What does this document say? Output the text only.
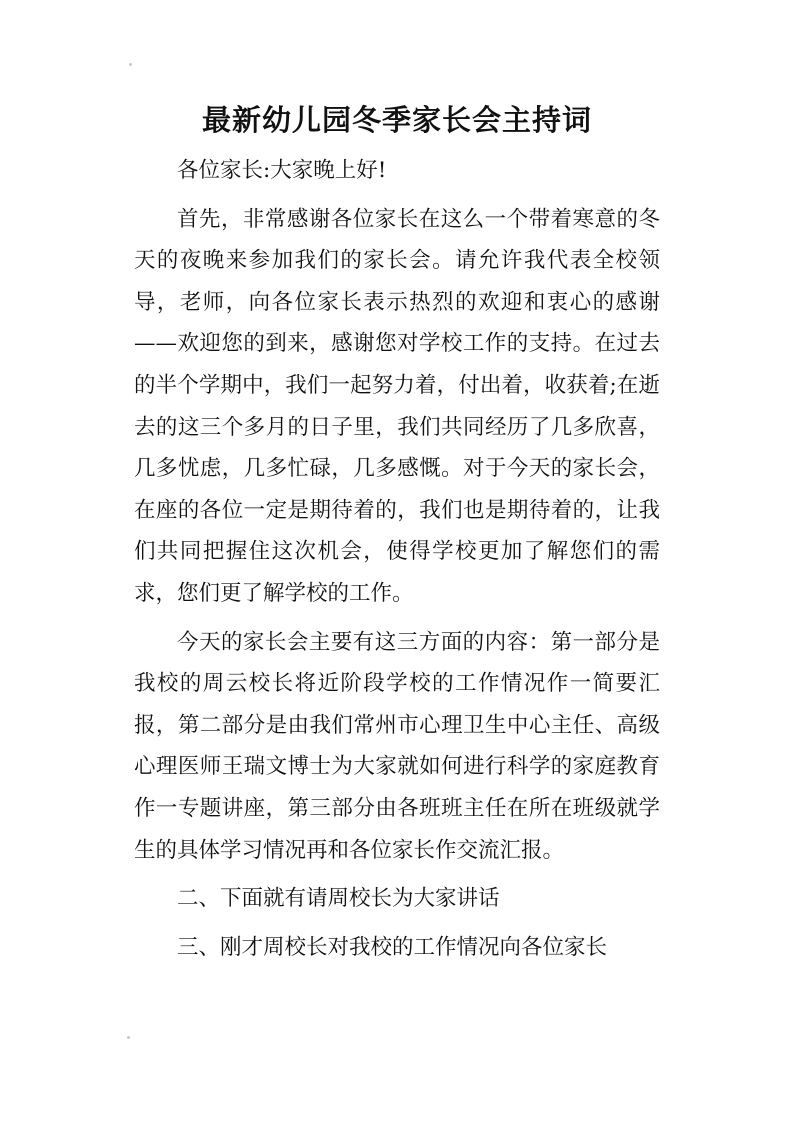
最新幼儿园冬季家长会主持词

各位家长:大家晚上好!

首先，非常感谢各位家长在这么一个带着寒意的冬天的夜晚来参加我们的家长会。请允许我代表全校领导，老师，向各位家长表示热烈的欢迎和衷心的感谢——欢迎您的到来，感谢您对学校工作的支持。在过去的半个学期中，我们一起努力着，付出着，收获着;在逝去的这三个多月的日子里，我们共同经历了几多欣喜，几多忧虑，几多忙碌，几多感慨。对于今天的家长会，在座的各位一定是期待着的，我们也是期待着的，让我们共同把握住这次机会，使得学校更加了解您们的需求，您们更了解学校的工作。

今天的家长会主要有这三方面的内容：第一部分是我校的周云校长将近阶段学校的工作情况作一简要汇报，第二部分是由我们常州市心理卫生中心主任、高级心理医师王瑞文博士为大家就如何进行科学的家庭教育作一专题讲座，第三部分由各班班主任在所在班级就学生的具体学习情况再和各位家长作交流汇报。

二、下面就有请周校长为大家讲话

三、刚才周校长对我校的工作情况向各位家长
